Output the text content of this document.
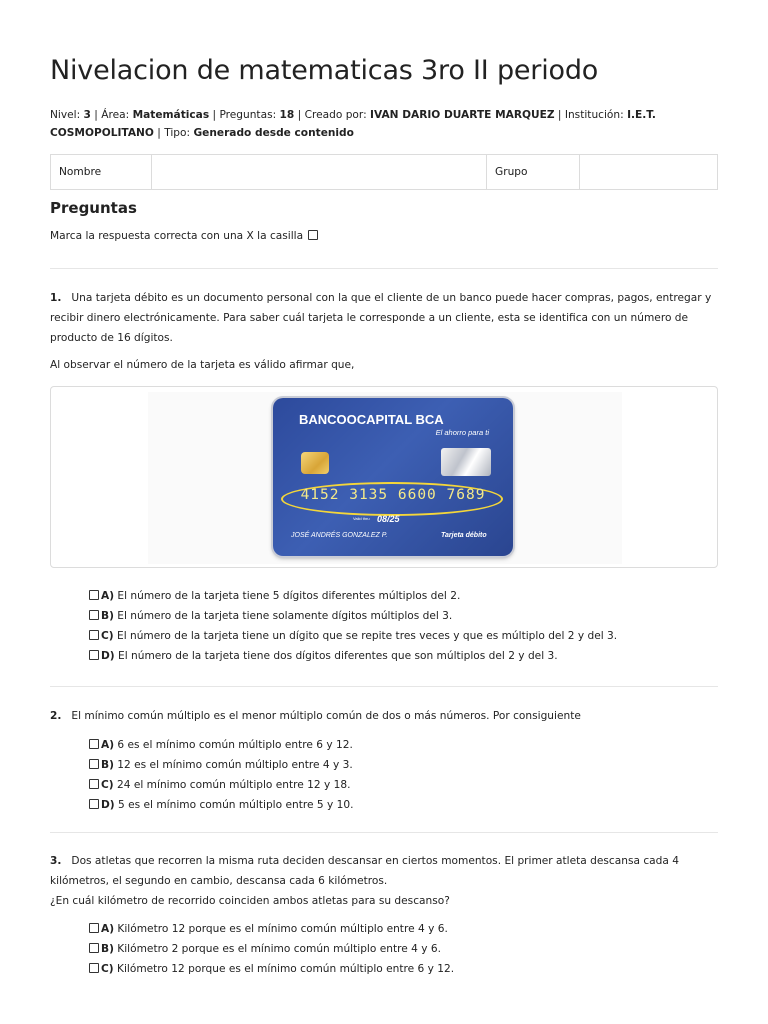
Nivelacion de matematicas 3ro II periodo
Nivel: 3 | Área: Matemáticas | Preguntas: 18 | Creado por: IVAN DARIO DUARTE MARQUEZ | Institución: I.E.T. COSMOPOLITANO | Tipo: Generado desde contenido
Nombre		Grupo	
Preguntas
Marca la respuesta correcta con una X la casilla
1. Una tarjeta débito es un documento personal con la que el cliente de un banco puede hacer compras, pagos, entregar y recibir dinero electrónicamente. Para saber cuál tarjeta le corresponde a un cliente, esta se identifica con un número de producto de 16 dígitos.
Al observar el número de la tarjeta es válido afirmar que,
BANCOOCAPITAL BCA
El ahorro para ti
4152 3135 6600 7689
Valid thru 08/25
JOSÉ ANDRÉS GONZALEZ P.	Tarjeta débito
A) El número de la tarjeta tiene 5 dígitos diferentes múltiplos del 2.
B) El número de la tarjeta tiene solamente dígitos múltiplos del 3.
C) El número de la tarjeta tiene un dígito que se repite tres veces y que es múltiplo del 2 y del 3.
D) El número de la tarjeta tiene dos dígitos diferentes que son múltiplos del 2 y del 3.
2. El mínimo común múltiplo es el menor múltiplo común de dos o más números. Por consiguiente
A) 6 es el mínimo común múltiplo entre 6 y 12.
B) 12 es el mínimo común múltiplo entre 4 y 3.
C) 24 el mínimo común múltiplo entre 12 y 18.
D) 5 es el mínimo común múltiplo entre 5 y 10.
3. Dos atletas que recorren la misma ruta deciden descansar en ciertos momentos. El primer atleta descansa cada 4 kilómetros, el segundo en cambio, descansa cada 6 kilómetros.
¿En cuál kilómetro de recorrido coinciden ambos atletas para su descanso?
A) Kilómetro 12 porque es el mínimo común múltiplo entre 4 y 6.
B) Kilómetro 2 porque es el mínimo común múltiplo entre 4 y 6.
C) Kilómetro 12 porque es el mínimo común múltiplo entre 6 y 12.
